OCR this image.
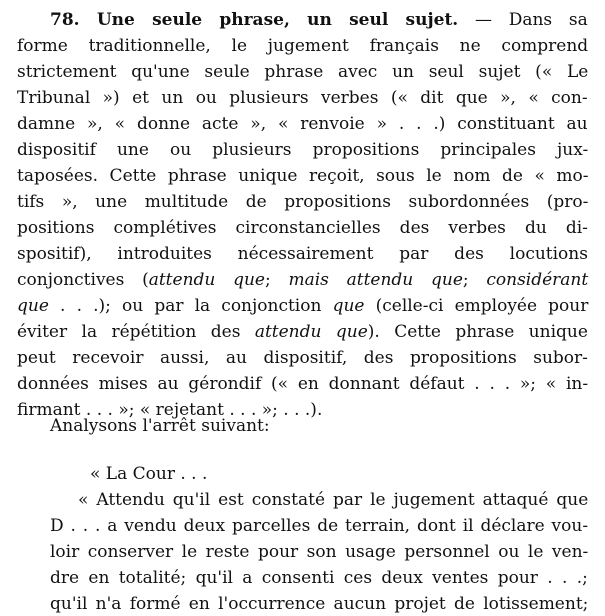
78. Une seule phrase, un seul sujet. — Dans sa
forme traditionnelle, le jugement français ne comprend
strictement qu'une seule phrase avec un seul sujet (« Le
Tribunal ») et un ou plusieurs verbes (« dit que », « con-
damne », « donne acte », « renvoie » . . .) constituant au
dispositif une ou plusieurs propositions principales jux-
taposées. Cette phrase unique reçoit, sous le nom de « mo-
tifs », une multitude de propositions subordonnées (pro-
positions complétives circonstancielles des verbes du di-
spositif), introduites nécessairement par des locutions
conjonctives (attendu que; mais attendu que; considérant
que . . .); ou par la conjonction que (celle-ci employée pour
éviter la répétition des attendu que). Cette phrase unique
peut recevoir aussi, au dispositif, des propositions subor-
données mises au gérondif (« en donnant défaut . . . »; « in-
firmant . . . »; « rejetant . . . »; . . .).
Analysons l'arrêt suivant:
« La Cour . . .
« Attendu qu'il est constaté par le jugement attaqué que
D . . . a vendu deux parcelles de terrain, dont il déclare vou-
loir conserver le reste pour son usage personnel ou le ven-
dre en totalité; qu'il a consenti ces deux ventes pour . . .;
qu'il n'a formé en l'occurrence aucun projet de lotissement;
